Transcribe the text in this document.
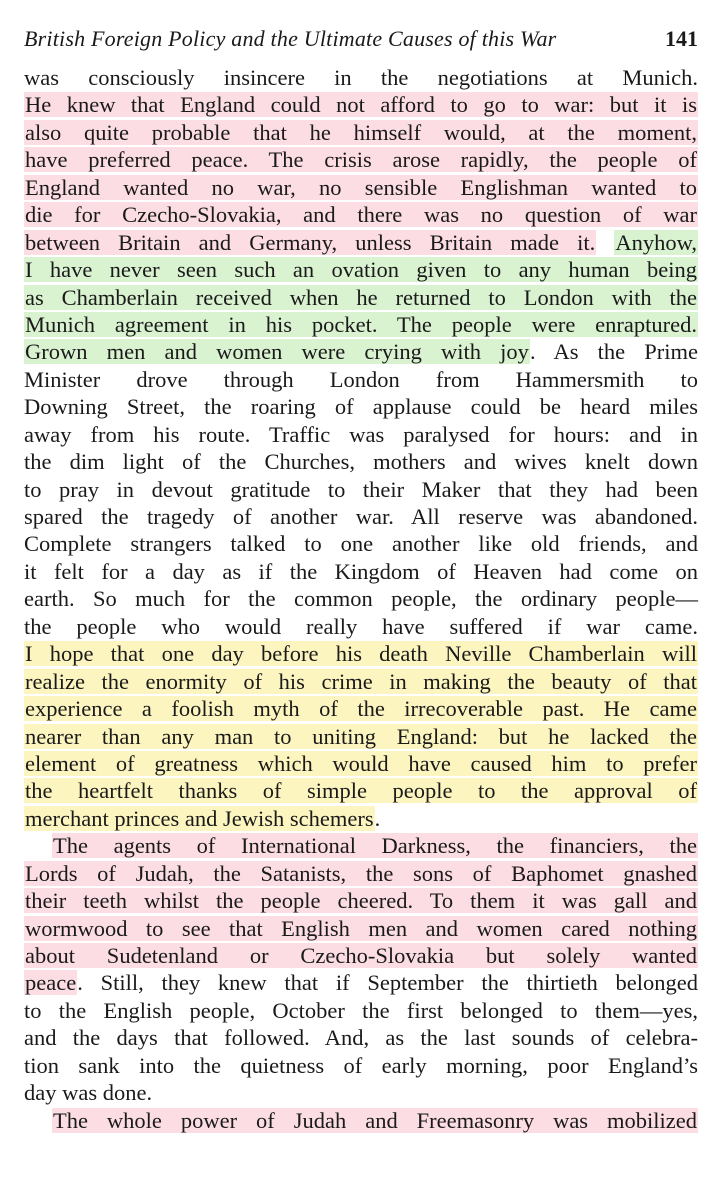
British Foreign Policy and the Ultimate Causes of this War	141
was consciously insincere in the negotiations at Munich.
He knew that England could not afford to go to war: but it is
also quite probable that he himself would, at the moment,
have preferred peace. The crisis arose rapidly, the people of
England wanted no war, no sensible Englishman wanted to
die for Czecho-Slovakia, and there was no question of war
between Britain and Germany, unless Britain made it. Anyhow,
I have never seen such an ovation given to any human being
as Chamberlain received when he returned to London with the
Munich agreement in his pocket. The people were enraptured.
Grown men and women were crying with joy. As the Prime
Minister drove through London from Hammersmith to
Downing Street, the roaring of applause could be heard miles
away from his route. Traffic was paralysed for hours: and in
the dim light of the Churches, mothers and wives knelt down
to pray in devout gratitude to their Maker that they had been
spared the tragedy of another war. All reserve was abandoned.
Complete strangers talked to one another like old friends, and
it felt for a day as if the Kingdom of Heaven had come on
earth. So much for the common people, the ordinary people—
the people who would really have suffered if war came.
I hope that one day before his death Neville Chamberlain will
realize the enormity of his crime in making the beauty of that
experience a foolish myth of the irrecoverable past. He came
nearer than any man to uniting England: but he lacked the
element of greatness which would have caused him to prefer
the heartfelt thanks of simple people to the approval of
merchant princes and Jewish schemers.
The agents of International Darkness, the financiers, the
Lords of Judah, the Satanists, the sons of Baphomet gnashed
their teeth whilst the people cheered. To them it was gall and
wormwood to see that English men and women cared nothing
about Sudetenland or Czecho-Slovakia but solely wanted
peace. Still, they knew that if September the thirtieth belonged
to the English people, October the first belonged to them—yes,
and the days that followed. And, as the last sounds of celebra-
tion sank into the quietness of early morning, poor England’s
day was done.
The whole power of Judah and Freemasonry was mobilized
